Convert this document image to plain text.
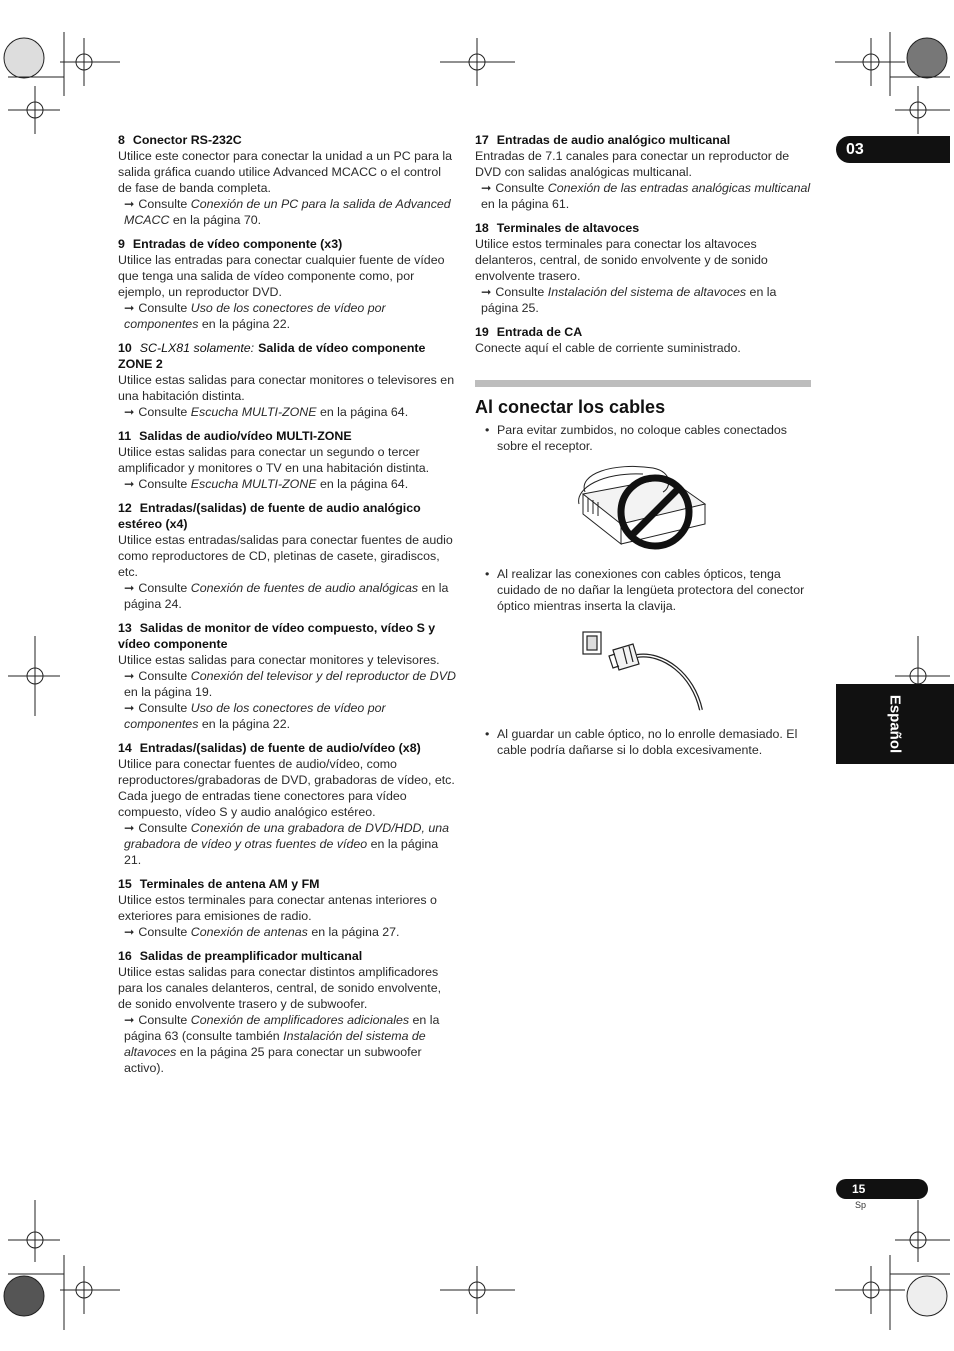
03
Español
8 Conector RS-232C
Utilice este conector para conectar la unidad a un PC para la salida gráfica cuando utilice Advanced MCACC o el control de fase de banda completa.
➞ Consulte Conexión de un PC para la salida de Advanced MCACC en la página 70.
9 Entradas de vídeo componente (x3)
Utilice las entradas para conectar cualquier fuente de vídeo que tenga una salida de vídeo componente como, por ejemplo, un reproductor DVD.
➞ Consulte Uso de los conectores de vídeo por componentes en la página 22.
10 SC-LX81 solamente: Salida de vídeo componente ZONE 2
Utilice estas salidas para conectar monitores o televisores en una habitación distinta.
➞ Consulte Escucha MULTI-ZONE en la página 64.
11 Salidas de audio/vídeo MULTI-ZONE
Utilice estas salidas para conectar un segundo o tercer amplificador y monitores o TV en una habitación distinta.
➞ Consulte Escucha MULTI-ZONE en la página 64.
12 Entradas/(salidas) de fuente de audio analógico estéreo (x4)
Utilice estas entradas/salidas para conectar fuentes de audio como reproductores de CD, pletinas de casete, giradiscos, etc.
➞ Consulte Conexión de fuentes de audio analógicas en la página 24.
13 Salidas de monitor de vídeo compuesto, vídeo S y vídeo componente
Utilice estas salidas para conectar monitores y televisores.
➞ Consulte Conexión del televisor y del reproductor de DVD en la página 19.
➞ Consulte Uso de los conectores de vídeo por componentes en la página 22.
14 Entradas/(salidas) de fuente de audio/vídeo (x8)
Utilice para conectar fuentes de audio/vídeo, como reproductores/grabadoras de DVD, grabadoras de vídeo, etc. Cada juego de entradas tiene conectores para vídeo compuesto, vídeo S y audio analógico estéreo.
➞ Consulte Conexión de una grabadora de DVD/HDD, una grabadora de vídeo y otras fuentes de vídeo en la página 21.
15 Terminales de antena AM y FM
Utilice estos terminales para conectar antenas interiores o exteriores para emisiones de radio.
➞ Consulte Conexión de antenas en la página 27.
16 Salidas de preamplificador multicanal
Utilice estas salidas para conectar distintos amplificadores para los canales delanteros, central, de sonido envolvente, de sonido envolvente trasero y de subwoofer.
➞ Consulte Conexión de amplificadores adicionales en la página 63 (consulte también Instalación del sistema de altavoces en la página 25 para conectar un subwoofer activo).
17 Entradas de audio analógico multicanal
Entradas de 7.1 canales para conectar un reproductor de DVD con salidas analógicas multicanal.
➞ Consulte Conexión de las entradas analógicas multicanal en la página 61.
18 Terminales de altavoces
Utilice estos terminales para conectar los altavoces delanteros, central, de sonido envolvente y de sonido envolvente trasero.
➞ Consulte Instalación del sistema de altavoces en la página 25.
19 Entrada de CA
Conecte aquí el cable de corriente suministrado.
Al conectar los cables
• Para evitar zumbidos, no coloque cables conectados sobre el receptor.
• Al realizar las conexiones con cables ópticos, tenga cuidado de no dañar la lengüeta protectora del conector óptico mientras inserta la clavija.
• Al guardar un cable óptico, no lo enrolle demasiado. El cable podría dañarse si lo dobla excesivamente.
15
Sp
